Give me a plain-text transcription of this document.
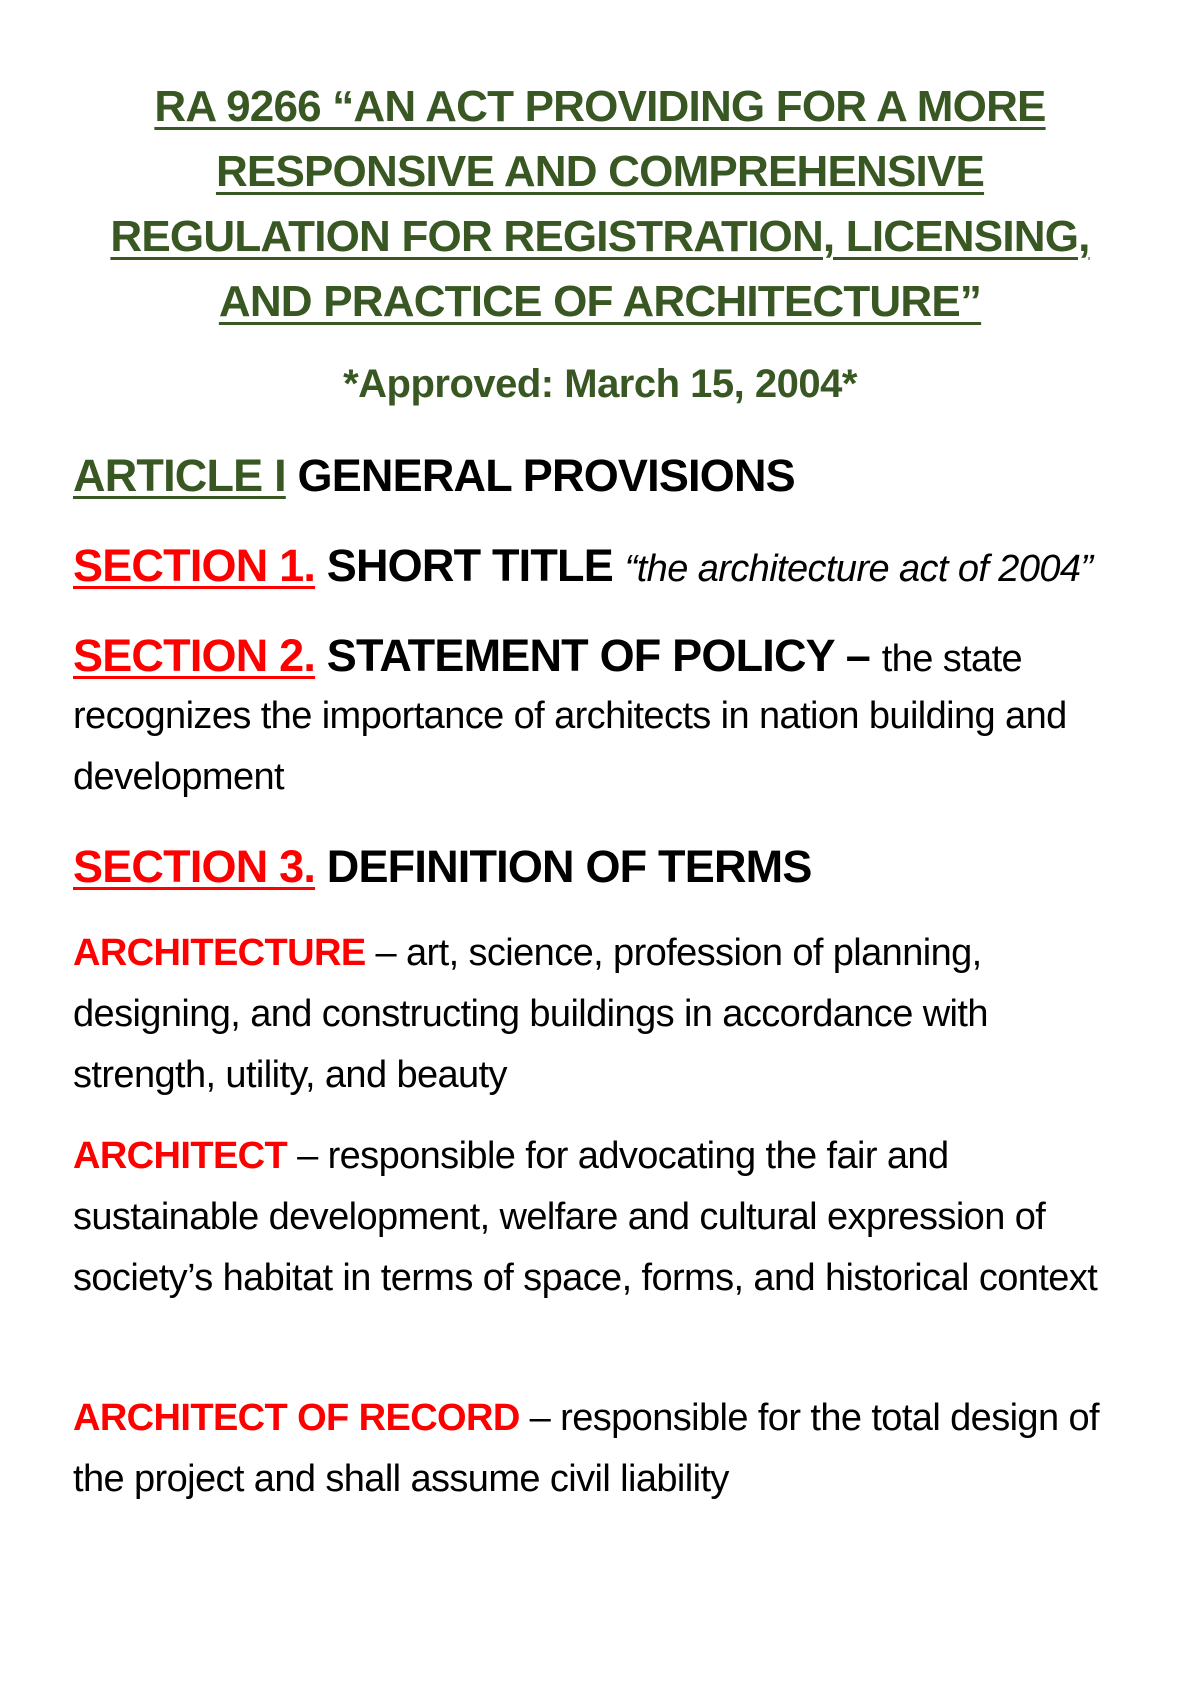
RA 9266 “AN ACT PROVIDING FOR A MORE
RESPONSIVE AND COMPREHENSIVE
REGULATION FOR REGISTRATION, LICENSING,
AND PRACTICE OF ARCHITECTURE”
*Approved: March 15, 2004*
ARTICLE I GENERAL PROVISIONS
SECTION 1. SHORT TITLE “the architecture act of 2004”
SECTION 2. STATEMENT OF POLICY – the state
recognizes the importance of architects in nation building and development
SECTION 3. DEFINITION OF TERMS
ARCHITECTURE – art, science, profession of planning, designing, and constructing buildings in accordance with strength, utility, and beauty
ARCHITECT – responsible for advocating the fair and sustainable development, welfare and cultural expression of society’s habitat in terms of space, forms, and historical context
ARCHITECT OF RECORD – responsible for the total design of the project and shall assume civil liability
